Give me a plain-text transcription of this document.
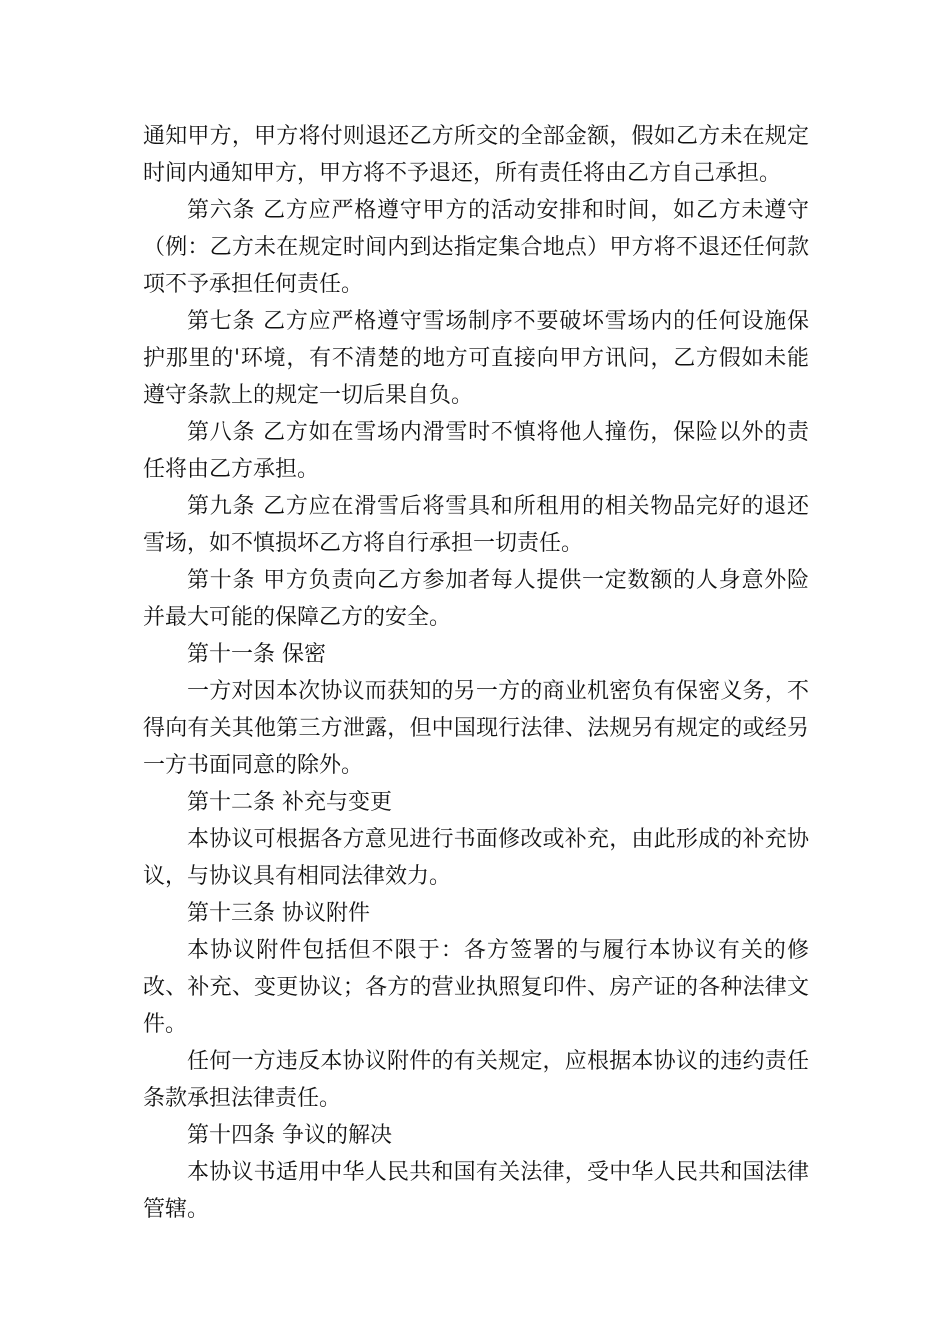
通知甲方，甲方将付则退还乙方所交的全部金额，假如乙方未在规定时间内通知甲方，甲方将不予退还，所有责任将由乙方自己承担。

第六条 乙方应严格遵守甲方的活动安排和时间，如乙方未遵守（例：乙方未在规定时间内到达指定集合地点）甲方将不退还任何款项不予承担任何责任。

第七条 乙方应严格遵守雪场制序不要破坏雪场内的任何设施保护那里的'环境，有不清楚的地方可直接向甲方讯问，乙方假如未能遵守条款上的规定一切后果自负。

第八条 乙方如在雪场内滑雪时不慎将他人撞伤，保险以外的责任将由乙方承担。

第九条 乙方应在滑雪后将雪具和所租用的相关物品完好的退还雪场，如不慎损坏乙方将自行承担一切责任。

第十条 甲方负责向乙方参加者每人提供一定数额的人身意外险并最大可能的保障乙方的安全。

第十一条 保密

一方对因本次协议而获知的另一方的商业机密负有保密义务，不得向有关其他第三方泄露，但中国现行法律、法规另有规定的或经另一方书面同意的除外。

第十二条 补充与变更

本协议可根据各方意见进行书面修改或补充，由此形成的补充协议，与协议具有相同法律效力。

第十三条 协议附件

本协议附件包括但不限于：各方签署的与履行本协议有关的修改、补充、变更协议；各方的营业执照复印件、房产证的各种法律文件。

任何一方违反本协议附件的有关规定，应根据本协议的违约责任条款承担法律责任。

第十四条 争议的解决

本协议书适用中华人民共和国有关法律，受中华人民共和国法律管辖。
